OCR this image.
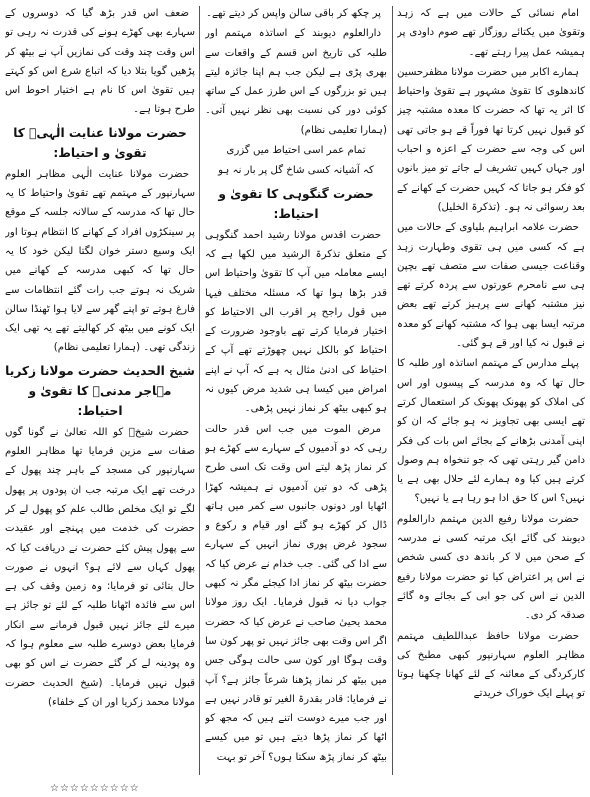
امام نسائی کے حالات میں ہے کہ زہد وتقویٰ میں یکتائے روزگار تھے صوم داودی پر ہمیشہ عمل پیرا رہتے تھے۔

ہمارے اکابر میں حضرت مولانا مظفرحسین کاندھلوی کا تقویٰ مشہور ہے تقویٰ واحتیاط کا اثر یہ تھا کہ حضرت کا معدہ مشتبہ چیز کو قبول نہیں کرتا تھا فوراً قے ہو جاتی تھی اس کی وجہ سے حضرت کے اعزہ و احباب اور جہاں کہیں تشریف لے جاتے تو میز بانوں کو فکر ہو جاتا کہ کہیں حضرت کے کھانے کے بعد رسوائی نہ ہو۔ (تذکرۃ الخلیل)

حضرت علامہ ابراہیم بلیاوی کے حالات میں ہے کہ کسی میں ہی تقوی وطہارت زہد وقناعت جیسی صفات سے متصف تھے بچپن ہی سے نامحرم عورتوں سے پردہ کرتے تھے نیز مشتبہ کھانے سے پرہیز کرتے تھے بعض مرتبہ ایسا بھی ہوا کہ مشتبہ کھانے کو معدہ نے قبول نہ کیا اور قے ہو گئی۔

پہلے مدارس کے مہتمم اساتذہ اور طلبہ کا حال تھا کہ وہ مدرسہ کے پیسوں اور اس کی املاک کو پھونک پھونک کر استعمال کرتے تھے ایسی بھی تجاویز نہ ہو جائے کہ ان کو اپنی آمدنی بڑھانے کے بجائے اس بات کی فکر دامن گیر رہتی تھی کہ جو تنخواہ ہم وصول کرتے ہیں کیا وہ ہمارے لئے حلال بھی ہے یا نہیں؟ اس کا حق ادا ہو رہا ہے یا نہیں؟

حضرت مولانا رفیع الدین مہتمم دارالعلوم دیوبند کی گائے ایک مرتبہ کسی نے مدرسہ کے صحن میں لا کر باندھ دی کسی شخص نے اس پر اعتراض کیا تو حضرت مولانا رفیع الدین نے اس کی جو ابی کے بجائے وہ گائے صدقہ کر دی۔

حضرت مولانا حافظ عبداللطیف مہتمم مظاہر العلوم سہارنپور کبھی مطبخ کی کارکردگی کے معائنہ کے لئے کھانا چکھنا ہوتا تو پہلے ایک خوراک خریدتے

پر چکھ کر باقی سالن واپس کر دیتے تھے۔

دارالعلوم دیوبند کے اساتذہ مہتمم اور طلبہ کی تاریخ اس قسم کے واقعات سے بھری پڑی ہے لیکن جب ہم اپنا جائزہ لیتے ہیں تو بزرگوں کے اس طرز عمل کے ساتھ کوئی دور کی نسبت بھی نظر نہیں آتی۔ (ہمارا تعلیمی نظام)

تمام عمر اسی احتیاط میں گزری

کہ آشیانہ کسی شاخ گل پر بار نہ ہو

حضرت گنگوہی کا تقویٰ و احتیاط:

حضرت اقدس مولانا رشید احمد گنگوہی کے متعلق تذکرۃ الرشید میں لکھا ہے کہ ایسے معاملہ میں آپ کا تقویٰ واحتیاط اس قدر بڑھا ہوا تھا کہ مسئلہ مختلف فیہا میں قول راجح پر اقرب الی الاحتیاط کو اختیار فرمایا کرتے تھے باوجود ضرورت کے احتیاط کو بالکل نہیں چھوڑتے تھے آپ کے احتیاط کی ادنیٰ مثال یہ ہے کہ آپ نے اپنے امراض میں کیسا ہی شدید مرض کیوں نہ ہو کبھی بیٹھ کر نماز نہیں پڑھی۔

مرض الموت میں جب اس قدر حالت رہی کہ دو آدمیوں کے سہارے سے کھڑے ہو کر نماز پڑھ لیتے اس وقت تک اسی طرح پڑھی کہ دو تین آدمیوں نے ہمیشہ کھڑا اٹھایا اور دونوں جانبوں سے کمر میں ہاتھ ڈال کر کھڑے ہو گئے اور قیام و رکوع و سجود غرض پوری نماز انہیں کے سہارے سے ادا کی گئی۔ جب خدام نے عرض کیا کہ حضرت بیٹھ کر نماز ادا کیجئے مگر نہ کبھی جواب دیا نہ قبول فرمایا۔ ایک روز مولانا محمد یحییٰ صاحب نے عرض کیا کہ حضرت اگر اس وقت بھی جائز نہیں تو پھر کون سا وقت ہوگا اور کون سی حالت ہوگی جس میں بیٹھ کر نماز پڑھنا شرعاً جائز ہے؟ آپ نے فرمایا: قادر بقدرۃ الغیر تو قادر نہیں ہے اور جب میرے دوست اتنے ہیں کہ مجھ کو اٹھا کر نماز پڑھا دیتے ہیں تو میں کیسے بیٹھ کر نماز پڑھ سکتا ہوں؟ آخر تو بہت

ضعف اس قدر بڑھ گیا کہ دوسروں کے سہارے بھی کھڑے ہونے کی قدرت نہ رہی تو اس وقت چند وقت کی نمازیں آپ نے بیٹھ کر پڑھیں گویا بتلا دیا کہ اتباع شرع اس کو کہتے ہیں تقویٰ اس کا نام ہے اختیار احوط اس طرح ہوتا ہے۔

حضرت مولانا عنایت الٰہیؒ کا تقویٰ و احتیاط:

حضرت مولانا عنایت الٰہی مظاہر العلوم سہارنپور کے مہتمم تھے تقویٰ واحتیاط کا یہ حال تھا کہ مدرسہ کے سالانہ جلسہ کے موقع پر سینکڑوں افراد کے کھانے کا انتظام ہوتا اور ایک وسیع دستر خوان لگتا لیکن خود کا یہ حال تھا کہ کبھی مدرسہ کے کھانے میں شریک نہ ہوتے جب رات گئے انتظامات سے فارغ ہوتے تو اپنے گھر سے لایا ہوا ٹھنڈا سالن ایک کونے میں بیٹھ کر کھالیتے تھے یہ تھی ایک زندگی تھی۔ (ہمارا تعلیمی نظام)

شیخ الحدیث حضرت مولانا زکریا مہاجر مدنیؒ کا تقویٰ و احتیاط:

حضرت شیخؒ کو اللہ تعالیٰ نے گونا گوں صفات سے مزین فرمایا تھا مظاہر العلوم سہارنپور کی مسجد کے باہر چند پھول کے درخت تھے ایک مرتبہ جب ان پودوں پر پھول لگے تو ایک مخلص طالب علم کو پھول لے کر حضرت کی خدمت میں پہنچے اور عقیدت سے پھول پیش کئے حضرت نے دریافت کیا کہ پھول کہاں سے لائے ہو؟ انہوں نے صورت حال بتائی تو فرمایا: وہ زمین وقف کی ہے اس سے فائدہ اٹھانا طلبہ کے لئے تو جائز ہے میرے لئے جائز نہیں قبول فرمانے سے انکار فرمایا بعض دوسرے طلبہ سے معلوم ہوا کہ وہ پودینہ لے کر گئے حضرت نے اس کو بھی قبول نہیں فرمایا۔ (شیخ الحدیث حضرت مولانا محمد زکریا اور ان کے خلفاء)

☆☆☆☆☆☆☆☆☆
